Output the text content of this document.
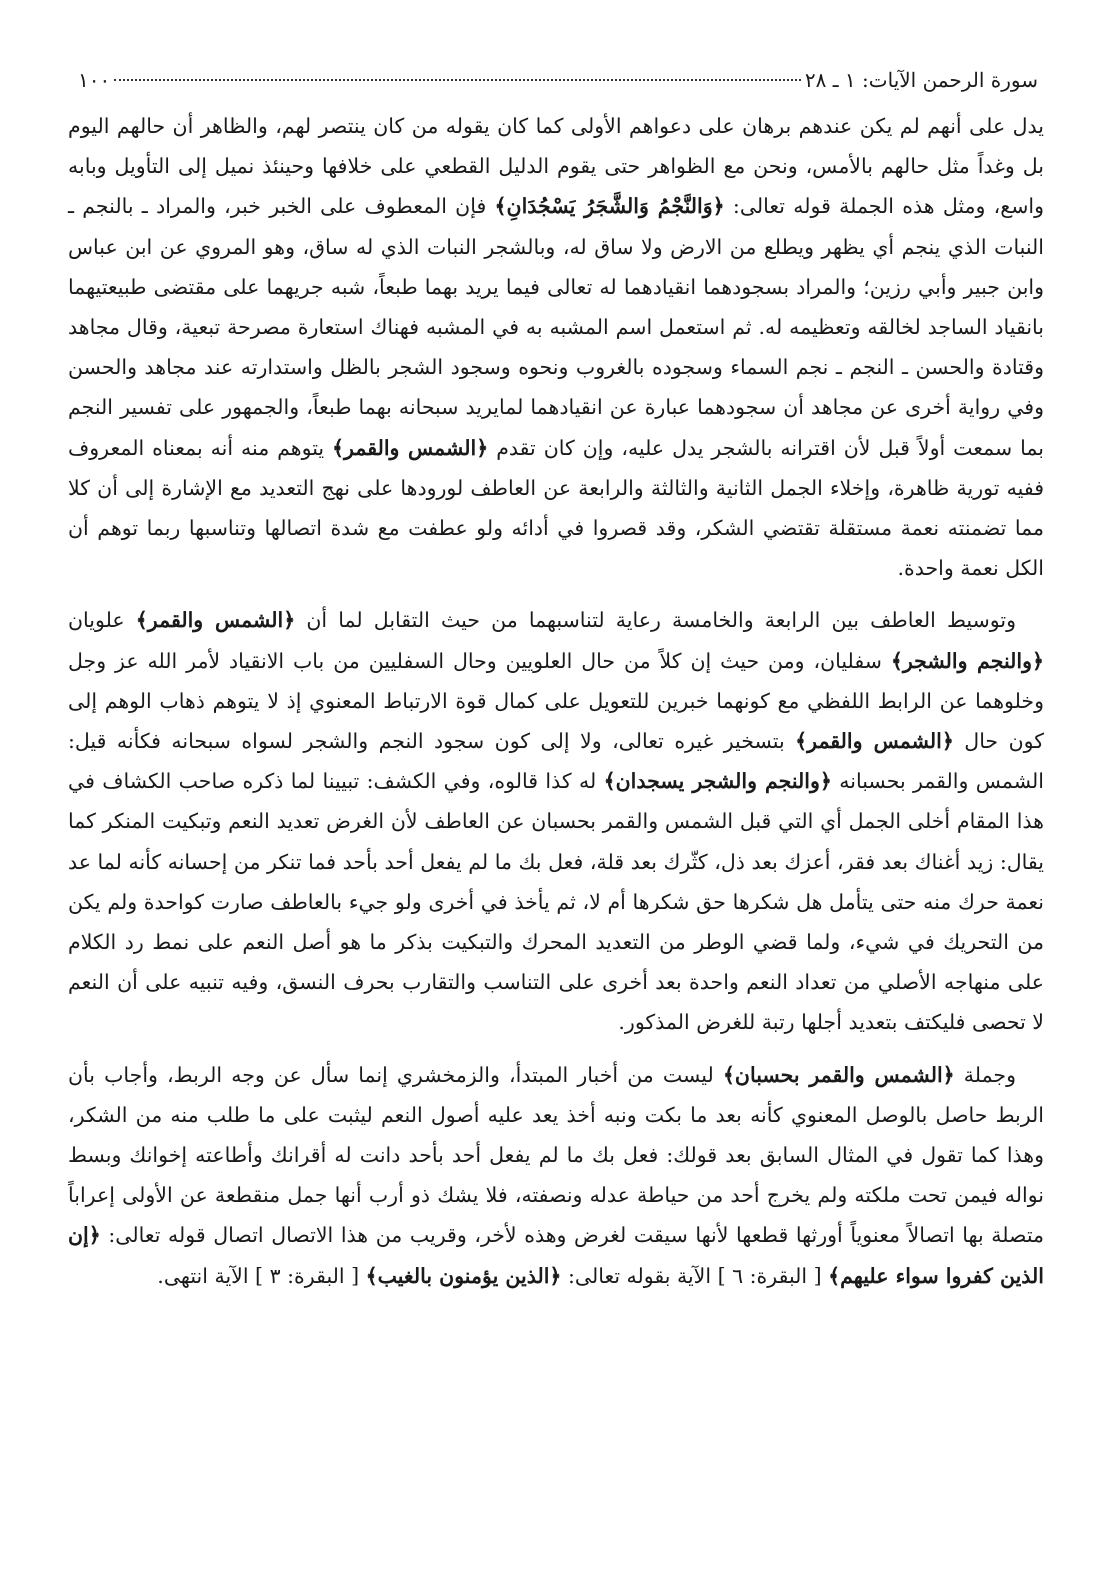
سورة الرحمن الآيات: ١ ـ ٢٨
١٠٠

يدل على أنهم لم يكن عندهم برهان على دعواهم الأولى كما كان يقوله من كان ينتصر لهم، والظاهر أن حالهم اليوم بل وغداً مثل حالهم بالأمس، ونحن مع الظواهر حتى يقوم الدليل القطعي على خلافها وحينئذ نميل إلى التأويل وبابه واسع، ومثل هذه الجملة قوله تعالى: ﴿وَالنَّجْمُ وَالشَّجَرُ يَسْجُدَانِ﴾ فإن المعطوف على الخبر خبر، والمراد ـ بالنجم ـ النبات الذي ينجم أي يظهر ويطلع من الارض ولا ساق له، وبالشجر النبات الذي له ساق، وهو المروي عن ابن عباس وابن جبير وأبي رزين؛ والمراد بسجودهما انقيادهما له تعالى فيما يريد بهما طبعاً، شبه جريهما على مقتضى طبيعتيهما بانقياد الساجد لخالقه وتعظيمه له. ثم استعمل اسم المشبه به في المشبه فهناك استعارة مصرحة تبعية، وقال مجاهد وقتادة والحسن ـ النجم ـ نجم السماء وسجوده بالغروب ونحوه وسجود الشجر بالظل واستدارته عند مجاهد والحسن وفي رواية أخرى عن مجاهد أن سجودهما عبارة عن انقيادهما لمايريد سبحانه بهما طبعاً، والجمهور على تفسير النجم بما سمعت أولاً قبل لأن اقترانه بالشجر يدل عليه، وإن كان تقدم ﴿الشمس والقمر﴾ يتوهم منه أنه بمعناه المعروف ففيه تورية ظاهرة، وإخلاء الجمل الثانية والثالثة والرابعة عن العاطف لورودها على نهج التعديد مع الإشارة إلى أن كلا مما تضمنته نعمة مستقلة تقتضي الشكر، وقد قصروا في أدائه ولو عطفت مع شدة اتصالها وتناسبها ربما توهم أن الكل نعمة واحدة.

وتوسيط العاطف بين الرابعة والخامسة رعاية لتناسبهما من حيث التقابل لما أن ﴿الشمس والقمر﴾ علويان ﴿والنجم والشجر﴾ سفليان، ومن حيث إن كلاً من حال العلويين وحال السفليين من باب الانقياد لأمر الله عز وجل وخلوهما عن الرابط اللفظي مع كونهما خبرين للتعويل على كمال قوة الارتباط المعنوي إذ لا يتوهم ذهاب الوهم إلى كون حال ﴿الشمس والقمر﴾ بتسخير غيره تعالى، ولا إلى كون سجود النجم والشجر لسواه سبحانه فكأنه قيل: الشمس والقمر بحسبانه ﴿والنجم والشجر يسجدان﴾ له كذا قالوه، وفي الكشف: تبيينا لما ذكره صاحب الكشاف في هذا المقام أخلى الجمل أي التي قبل الشمس والقمر بحسبان عن العاطف لأن الغرض تعديد النعم وتبكيت المنكر كما يقال: زيد أغناك بعد فقر، أعزك بعد ذل، كثّرك بعد قلة، فعل بك ما لم يفعل أحد بأحد فما تنكر من إحسانه كأنه لما عد نعمة حرك منه حتى يتأمل هل شكرها حق شكرها أم لا، ثم يأخذ في أخرى ولو جيء بالعاطف صارت كواحدة ولم يكن من التحريك في شيء، ولما قضي الوطر من التعديد المحرك والتبكيت بذكر ما هو أصل النعم على نمط رد الكلام على منهاجه الأصلي من تعداد النعم واحدة بعد أخرى على التناسب والتقارب بحرف النسق، وفيه تنبيه على أن النعم لا تحصى فليكتف بتعديد أجلها رتبة للغرض المذكور.

وجملة ﴿الشمس والقمر بحسبان﴾ ليست من أخبار المبتدأ، والزمخشري إنما سأل عن وجه الربط، وأجاب بأن الربط حاصل بالوصل المعنوي كأنه بعد ما بكت ونبه أخذ يعد عليه أصول النعم ليثبت على ما طلب منه من الشكر، وهذا كما تقول في المثال السابق بعد قولك: فعل بك ما لم يفعل أحد بأحد دانت له أقرانك وأطاعته إخوانك وبسط نواله فيمن تحت ملكته ولم يخرج أحد من حياطة عدله ونصفته، فلا يشك ذو أرب أنها جمل منقطعة عن الأولى إعراباً متصلة بها اتصالاً معنوياً أورثها قطعها لأنها سيقت لغرض وهذه لأخر، وقريب من هذا الاتصال اتصال قوله تعالى: ﴿إن الذين كفروا سواء عليهم﴾ [ البقرة: ٦ ] الآية بقوله تعالى: ﴿الذين يؤمنون بالغيب﴾ [ البقرة: ٣ ] الآية انتهى.
